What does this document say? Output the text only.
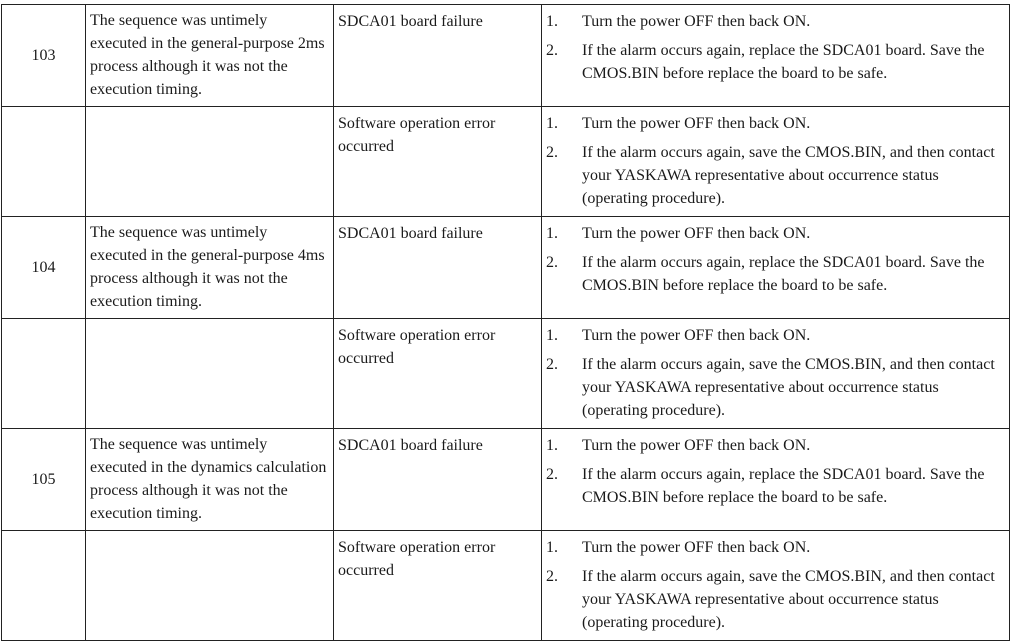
103	The sequence was untimely executed in the general-purpose 2ms process although it was not the execution timing.	SDCA01 board failure	1. Turn the power OFF then back ON.
2. If the alarm occurs again, replace the SDCA01 board. Save the CMOS.BIN before replace the board to be safe.

		Software operation error occurred	1. Turn the power OFF then back ON.
2. If the alarm occurs again, save the CMOS.BIN, and then contact your YASKAWA representative about occurrence status (operating procedure).

104	The sequence was untimely executed in the general-purpose 4ms process although it was not the execution timing.	SDCA01 board failure	1. Turn the power OFF then back ON.
2. If the alarm occurs again, replace the SDCA01 board. Save the CMOS.BIN before replace the board to be safe.

		Software operation error occurred	1. Turn the power OFF then back ON.
2. If the alarm occurs again, save the CMOS.BIN, and then contact your YASKAWA representative about occurrence status (operating procedure).

105	The sequence was untimely executed in the dynamics calculation process although it was not the execution timing.	SDCA01 board failure	1. Turn the power OFF then back ON.
2. If the alarm occurs again, replace the SDCA01 board. Save the CMOS.BIN before replace the board to be safe.

		Software operation error occurred	1. Turn the power OFF then back ON.
2. If the alarm occurs again, save the CMOS.BIN, and then contact your YASKAWA representative about occurrence status (operating procedure).
